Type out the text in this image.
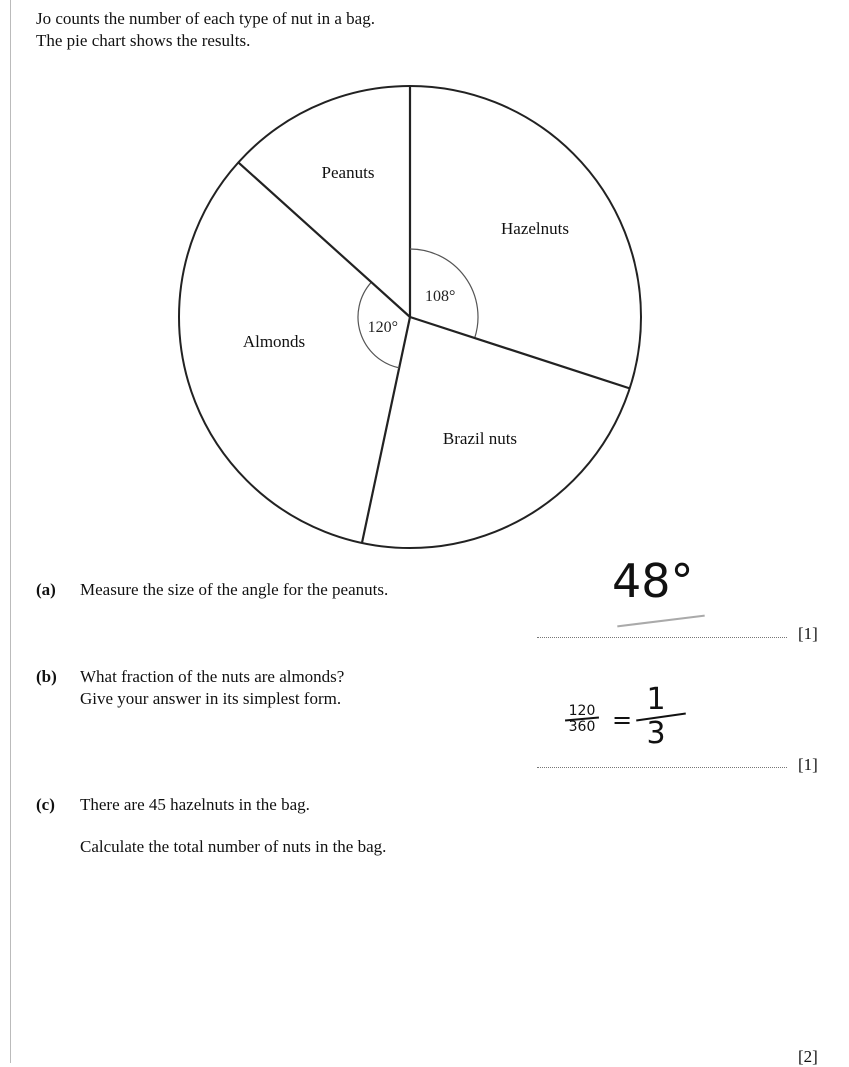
Jo counts the number of each type of nut in a bag.
The pie chart shows the results.
108°
Hazelnuts
Brazil nuts
120°
Almonds
Peanuts
(a) Measure the size of the angle for the peanuts.	48°
[1]
(b) What fraction of the nuts are almonds?
Give your answer in its simplest form.
120
360 =
1
3
[1]
(c) There are 45 hazelnuts in the bag.
Calculate the total number of nuts in the bag.
[2]
